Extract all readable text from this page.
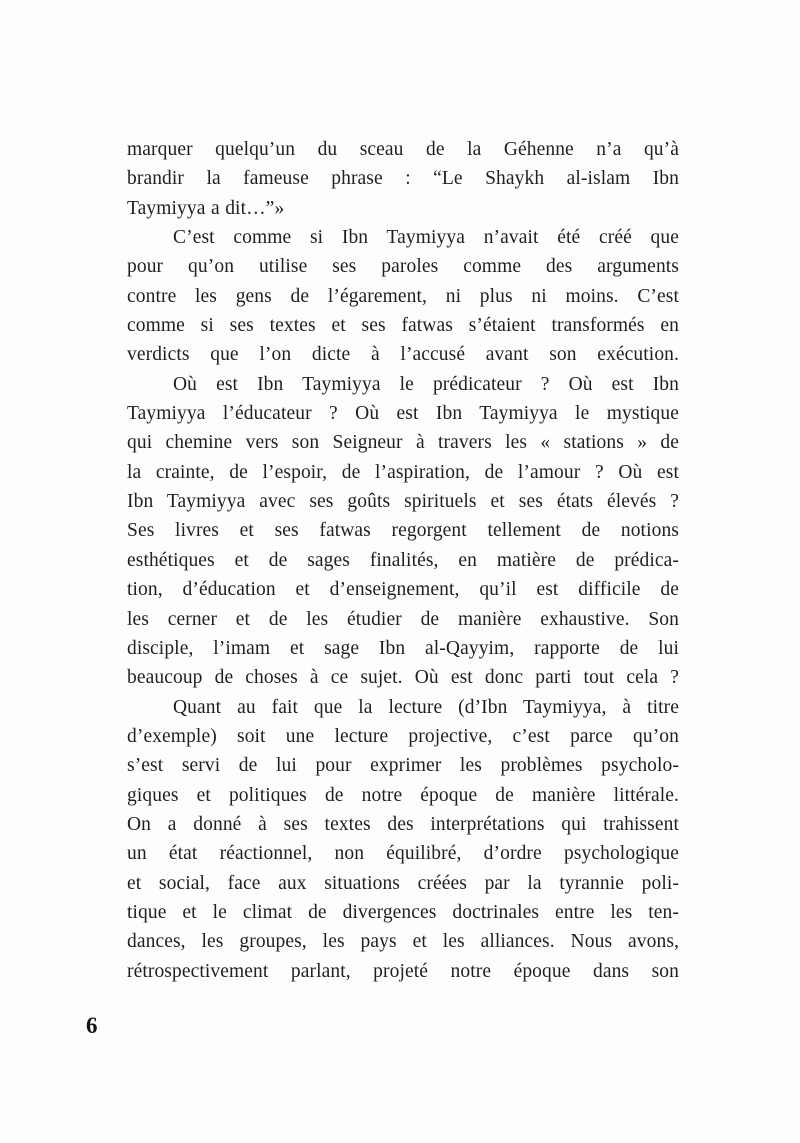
marquer quelqu’un du sceau de la Géhenne n’a qu’à
brandir la fameuse phrase : “Le Shaykh al-islam Ibn
Taymiyya a dit…”»
C’est comme si Ibn Taymiyya n’avait été créé que
pour qu’on utilise ses paroles comme des arguments
contre les gens de l’égarement, ni plus ni moins. C’est
comme si ses textes et ses fatwas s’étaient transformés en
verdicts que l’on dicte à l’accusé avant son exécution.
Où est Ibn Taymiyya le prédicateur ? Où est Ibn
Taymiyya l’éducateur ? Où est Ibn Taymiyya le mystique
qui chemine vers son Seigneur à travers les « stations » de
la crainte, de l’espoir, de l’aspiration, de l’amour ? Où est
Ibn Taymiyya avec ses goûts spirituels et ses états élevés ?
Ses livres et ses fatwas regorgent tellement de notions
esthétiques et de sages finalités, en matière de prédica-
tion, d’éducation et d’enseignement, qu’il est difficile de
les cerner et de les étudier de manière exhaustive. Son
disciple, l’imam et sage Ibn al-Qayyim, rapporte de lui
beaucoup de choses à ce sujet. Où est donc parti tout cela ?
Quant au fait que la lecture (d’Ibn Taymiyya, à titre
d’exemple) soit une lecture projective, c’est parce qu’on
s’est servi de lui pour exprimer les problèmes psycholo-
giques et politiques de notre époque de manière littérale.
On a donné à ses textes des interprétations qui trahissent
un état réactionnel, non équilibré, d’ordre psychologique
et social, face aux situations créées par la tyrannie poli-
tique et le climat de divergences doctrinales entre les ten-
dances, les groupes, les pays et les alliances. Nous avons,
rétrospectivement parlant, projeté notre époque dans son
6
